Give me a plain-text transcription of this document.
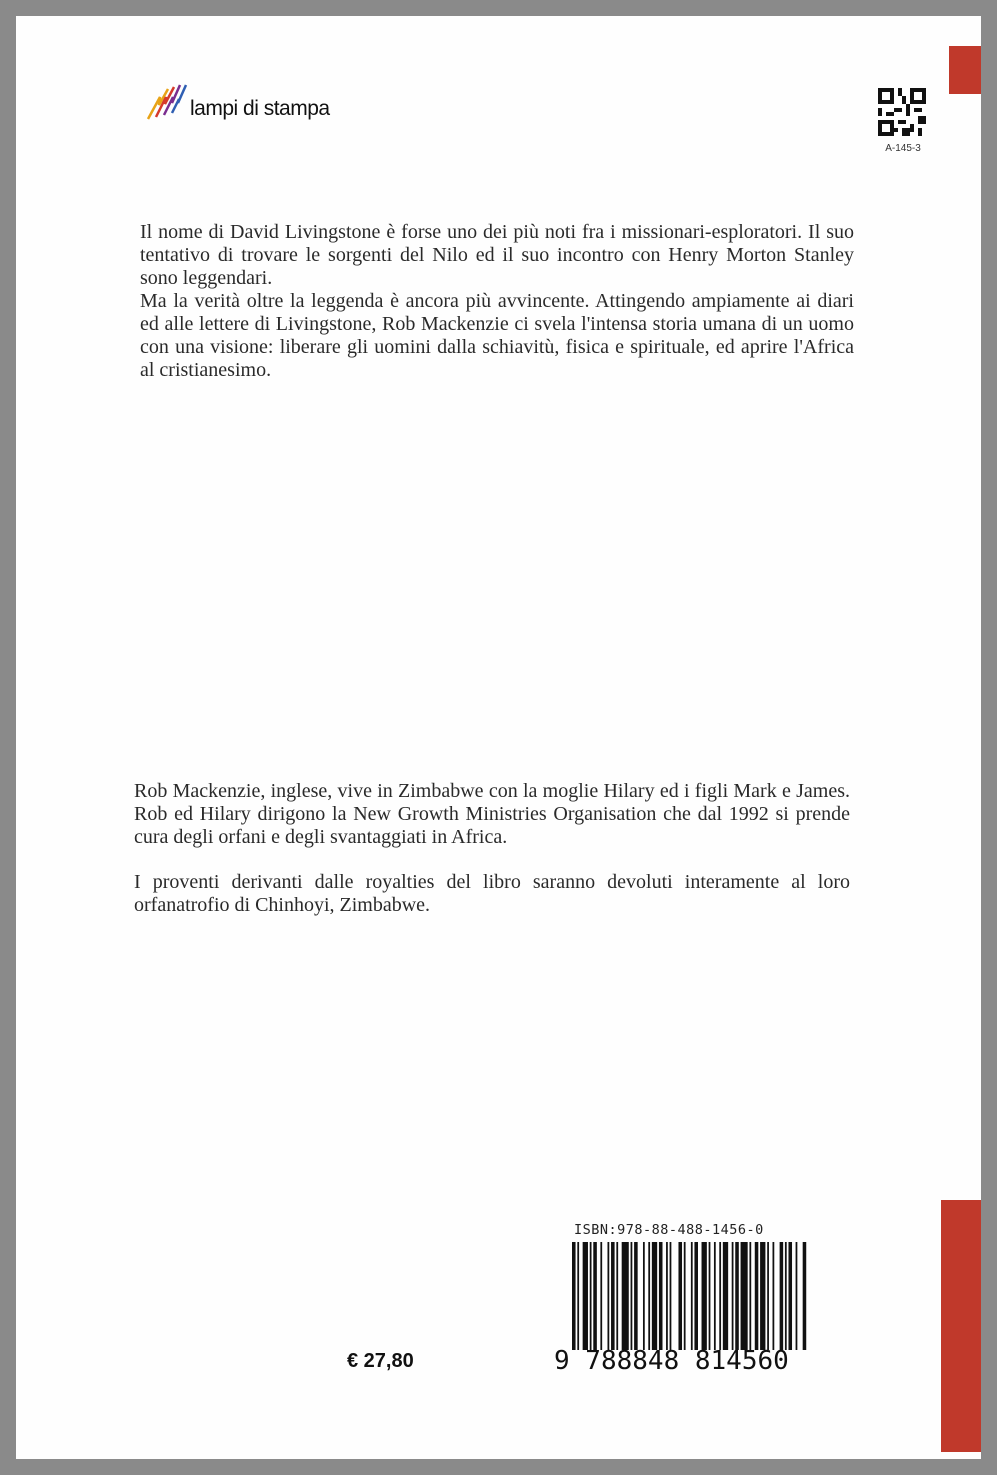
lampi di stampa
A-145-3

Il nome di David Livingstone è forse uno dei più noti fra i missionari-esploratori. Il suo tentativo di trovare le sorgenti del Nilo ed il suo incontro con Henry Morton Stanley sono leggendari.

Ma la verità oltre la leggenda è ancora più avvincente. Attingendo ampiamente ai diari ed alle lettere di Livingstone, Rob Mackenzie ci svela l'intensa storia umana di un uomo con una visione: liberare gli uomini dalla schiavitù, fisica e spirituale, ed aprire l'Africa al cristianesimo.

Rob Mackenzie, inglese, vive in Zimbabwe con la moglie Hilary ed i figli Mark e James. Rob ed Hilary dirigono la New Growth Ministries Organisation che dal 1992 si prende cura degli orfani e degli svantaggiati in Africa.

I proventi derivanti dalle royalties del libro saranno devoluti interamente al loro orfanatrofio di Chinhoyi, Zimbabwe.

ISBN:978-88-488-1456-0
9 788848 814560
€ 27,80
